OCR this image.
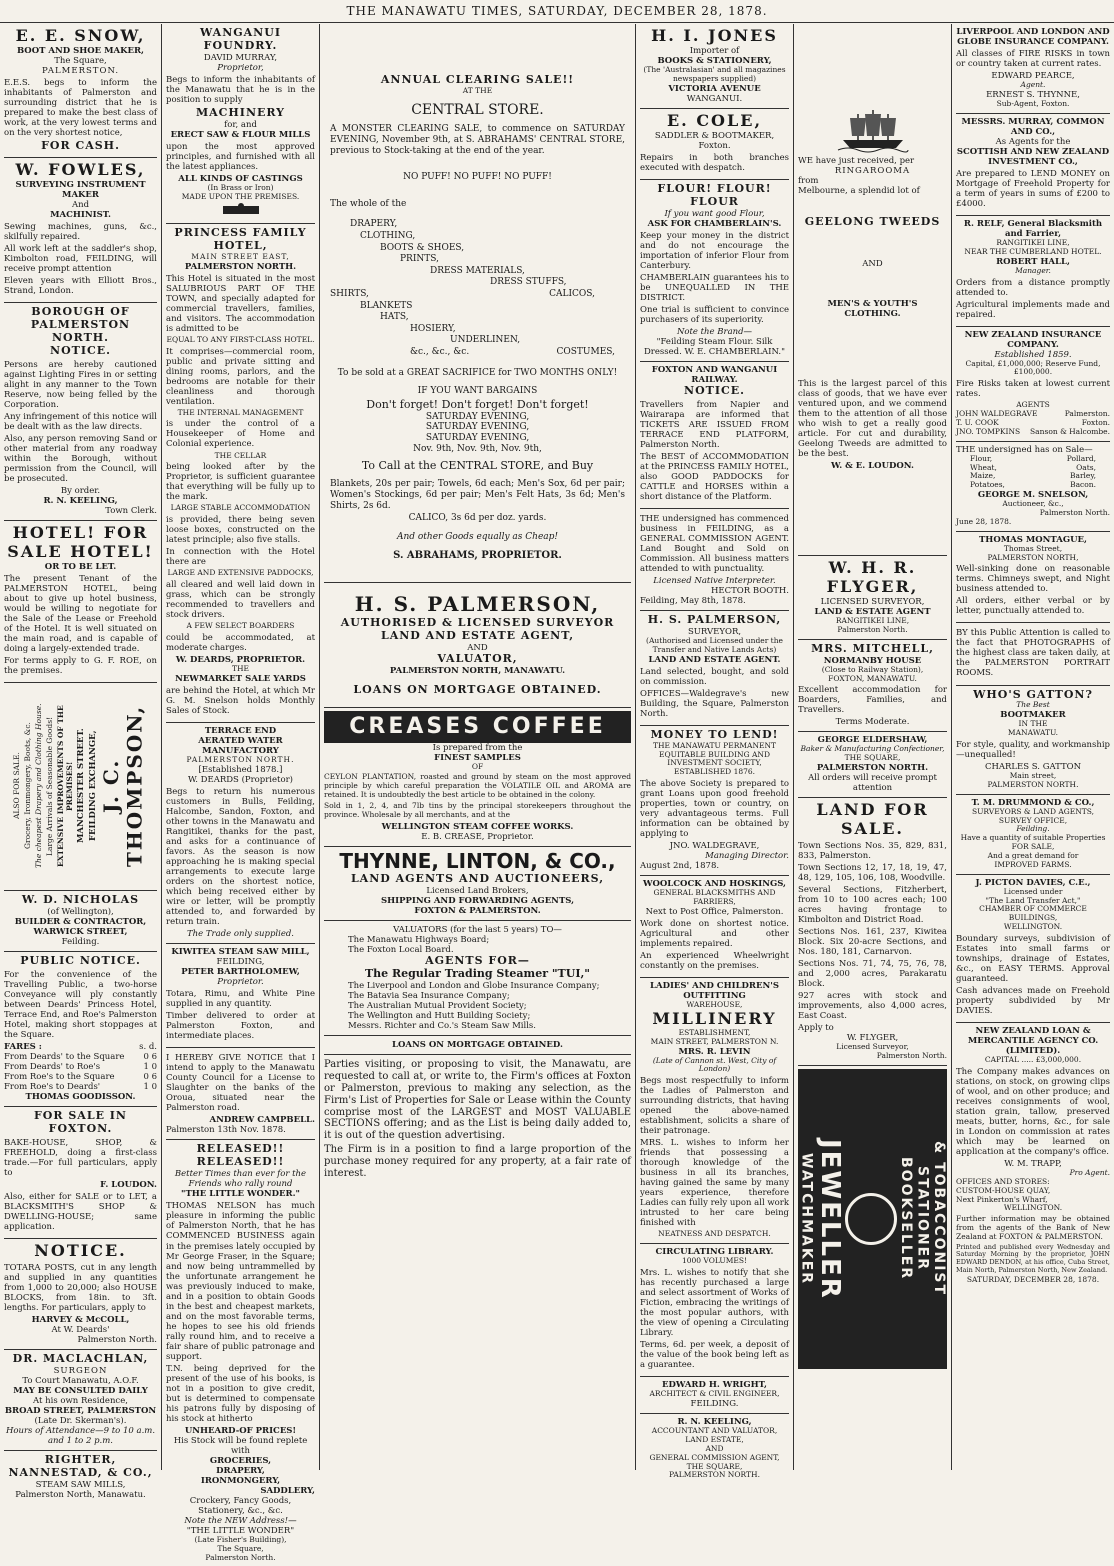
THE MANAWATU TIMES, SATURDAY, DECEMBER 28, 1878.
E. E. SNOW,
BOOT AND SHOE MAKER,
The Square,
PALMERSTON.

E.E.S. begs to inform the inhabitants of Palmerston and surrounding district that he is prepared to make the best class of work, at the very lowest terms and on the very shortest notice,

FOR CASH.
W. FOWLES,
SURVEYING INSTRUMENT MAKER
And
MACHINIST.

Sewing machines, guns, &c., skilfully repaired.

All work left at the saddler's shop, Kimbolton road, FEILDING, will receive prompt attention

Eleven years with Elliott Bros., Strand, London.

BOROUGH OF PALMERSTON NORTH.
NOTICE.

Persons are hereby cautioned against Lighting Fires in or setting alight in any manner to the Town Reserve, now being felled by the Corporation.

Any infringement of this notice will be dealt with as the law directs.

Also, any person removing Sand or other material from any roadway within the Borough, without permission from the Council, will be prosecuted.

By order.
R. N. KEELING,
Town Clerk.
HOTEL! FOR SALE HOTEL!
OR TO BE LET.

The present Tenant of the PALMERSTON HOTEL, being about to give up hotel business, would be willing to negotiate for the Sale of the Lease or Freehold of the Hotel. It is well situated on the main road, and is capable of doing a largely-extended trade.

For terms apply to G. F. ROE, on the premises.

ALSO FOR SALE. Grocery, Ironmongery, Boots, &c. The cheapest Drapery and Clothing House. Large Arrivals of Seasonable Goods! EXTENSIVE IMPROVEMENTS OF THE PREMISES! MANCHESTER STREET. FEILDING EXCHANGE, J. C. THOMPSON,
W. D. NICHOLAS
(of Wellington),
BUILDER & CONTRACTOR,
WARWICK STREET,
Feilding.
PUBLIC NOTICE.

For the convenience of the Travelling Public, a two-horse Conveyance will ply constantly between Deards' Princess Hotel, Terrace End, and Roe's Palmerston Hotel, making short stoppages at the Square.

FARES :	s. d.
From Deards' to the Square 0 6
From Deards' to Roe's	1 0
From Roe's to the Square	0 6
From Roe's to Deards'	1 0
THOMAS GOODISSON.
FOR SALE IN FOXTON.

BAKE-HOUSE, SHOP, & FREEHOLD, doing a first-class trade.—For full particulars, apply to

F. LOUDON.

Also, either for SALE or to LET, a BLACKSMITH'S SHOP & DWELLING-HOUSE; same application.

NOTICE.

TOTARA POSTS, cut in any length and supplied in any quantities from 1,000 to 20,000; also HOUSE BLOCKS, from 18in. to 3ft. lengths. For particulars, apply to

HARVEY & McCOLL,
At W. Deards'
Palmerston North.
DR. MACLACHLAN,
SURGEON
To Court Manawatu, A.O.F.
MAY BE CONSULTED DAILY
At his own Residence,
BROAD STREET, PALMERSTON
(Late Dr. Skerman's).
Hours of Attendance—9 to 10 a.m. and 1 to 2 p.m.
RIGHTER, NANNESTAD, & CO.,
STEAM SAW MILLS,
Palmerston North, Manawatu.
WANGANUI FOUNDRY.
DAVID MURRAY,
Proprietor,

Begs to inform the inhabitants of the Manawatu that he is in the position to supply

MACHINERY
for, and
ERECT SAW & FLOUR MILLS

upon the most approved principles, and furnished with all the latest appliances.

ALL KINDS OF CASTINGS
(In Brass or Iron)
MADE UPON THE PREMISES.
PRINCESS FAMILY HOTEL,
MAIN STREET EAST,
PALMERSTON NORTH.

This Hotel is situated in the most SALUBRIOUS PART OF THE TOWN, and specially adapted for commercial travellers, families, and visitors. The accommodation is admitted to be

EQUAL TO ANY FIRST-CLASS HOTEL.

It comprises—commercial room, public and private sitting and dining rooms, parlors, and the bedrooms are notable for their cleanliness and thorough ventilation.

THE INTERNAL MANAGEMENT

is under the control of a Housekeeper of Home and Colonial experience.

THE CELLAR

being looked after by the Proprietor, is sufficient guarantee that everything will be fully up to the mark.

LARGE STABLE ACCOMMODATION

is provided, there being seven loose boxes, constructed on the latest principle; also five stalls.

In connection with the Hotel there are

LARGE AND EXTENSIVE PADDOCKS,

all cleared and well laid down in grass, which can be strongly recommended to travellers and stock drivers.

A FEW SELECT BOARDERS

could be accommodated, at moderate charges.

W. DEARDS, PROPRIETOR.
THE
NEWMARKET SALE YARDS

are behind the Hotel, at which Mr G. M. Snelson holds Monthly Sales of Stock.

TERRACE END
AERATED WATER MANUFACTORY
PALMERSTON NORTH.
[Established 1878.]
W. DEARDS (Proprietor)

Begs to return his numerous customers in Bulls, Feilding, Halcombe, Sandon, Foxton, and other towns in the Manawatu and Rangitikei, thanks for the past, and asks for a continuance of favors. As the season is now approaching he is making special arrangements to execute large orders on the shortest notice, which being received either by wire or letter, will be promptly attended to, and forwarded by return train.

The Trade only supplied.
KIWITEA STEAM SAW MILL,
FEILDING,
PETER BARTHOLOMEW,
Proprietor.

Totara, Rimu, and White Pine supplied in any quantity.

Timber delivered to order at Palmerston Foxton, and intermediate places.

I HEREBY GIVE NOTICE that I intend to apply to the Manawatu County Council for a License to Slaughter on the banks of the Oroua, situated near the Palmerston road.

ANDREW CAMPBELL.
Palmerston 13th Nov. 1878.
RELEASED!! RELEASED!!
Better Times than ever for the Friends who rally round
"THE LITTLE WONDER."

THOMAS NELSON has much pleasure in informing the public of Palmerston North, that he has COMMENCED BUSINESS again in the premises lately occupied by Mr George Fraser, in the Square; and now being untrammelled by the unfortunate arrangement he was previously induced to make, and in a position to obtain Goods in the best and cheapest markets, and on the most favorable terms, he hopes to see his old friends rally round him, and to receive a fair share of public patronage and support.

T.N. being deprived for the present of the use of his books, is not in a position to give credit, but is determined to compensate his patrons fully by disposing of his stock at hitherto

UNHEARD-OF PRICES!
His Stock will be found replete with
GROCERIES,
DRAPERY,
IRONMONGERY,
SADDLERY,
Crockery, Fancy Goods, Stationery, &c., &c.
Note the NEW Address!—
"THE LITTLE WONDER"
(Late Fisher's Building),
The Square,
Palmerston North.
ANNUAL CLEARING SALE!!
AT THE
CENTRAL STORE.

A MONSTER CLEARING SALE, to commence on SATURDAY EVENING, November 9th, at S. ABRAHAMS' CENTRAL STORE, previous to Stock-taking at the end of the year.

NO PUFF! NO PUFF! NO PUFF!
The whole of the

DRAPERY,

CLOTHING,

BOOTS & SHOES,

PRINTS,

DRESS MATERIALS,

DRESS STUFFS,

SHIRTS,	CALICOS,

BLANKETS

HATS,

HOSIERY,

UNDERLINEN,

&c., &c., &c.	COSTUMES,
To be sold at a GREAT SACRIFICE for TWO MONTHS ONLY!
IF YOU WANT BARGAINS
Don't forget! Don't forget! Don't forget!
SATURDAY EVENING,
SATURDAY EVENING,
SATURDAY EVENING,
Nov. 9th, Nov. 9th, Nov. 9th,
To Call at the CENTRAL STORE, and Buy

Blankets, 20s per pair; Towels, 6d each; Men's Sox, 6d per pair; Women's Stockings, 6d per pair; Men's Felt Hats, 3s 6d; Men's Shirts, 2s 6d.

CALICO, 3s 6d per doz. yards.
And other Goods equally as Cheap!
S. ABRAHAMS, PROPRIETOR.
H. S. PALMERSON,
AUTHORISED & LICENSED SURVEYOR
LAND AND ESTATE AGENT,
AND
VALUATOR,
PALMERSTON NORTH, MANAWATU.
LOANS ON MORTGAGE OBTAINED.
CREASES COFFEE
Is prepared from the
FINEST SAMPLES
OF

CEYLON PLANTATION, roasted and ground by steam on the most approved principle by which careful preparation the VOLATILE OIL and AROMA are retained. It is undoubtedly the best article to be obtained in the colony.

Sold in 1, 2, 4, and 7lb tins by the principal storekeepers throughout the province. Wholesale by all merchants, and at the

WELLINGTON STEAM COFFEE WORKS.
E. B. CREASE, Proprietor.
THYNNE, LINTON, & CO.,
LAND AGENTS AND AUCTIONEERS,
Licensed Land Brokers,
SHIPPING AND FORWARDING AGENTS,
FOXTON & PALMERSTON.
VALUATORS (for the last 5 years) TO—
The Manawatu Highways Board;
The Foxton Local Board.
AGENTS FOR—
The Regular Trading Steamer "TUI,"
The Liverpool and London and Globe Insurance Company;
The Batavia Sea Insurance Company;
The Australian Mutual Provident Society;
The Wellington and Hutt Building Society;
Messrs. Richter and Co.'s Steam Saw Mills.
LOANS ON MORTGAGE OBTAINED.

Parties visiting, or proposing to visit, the Manawatu, are requested to call at, or write to, the Firm's offices at Foxton or Palmerston, previous to making any selection, as the Firm's List of Properties for Sale or Lease within the County comprise most of the LARGEST and MOST VALUABLE SECTIONS offering; and as the List is being daily added to, it is out of the question advertising.

The Firm is in a position to find a large proportion of the purchase money required for any property, at a fair rate of interest.

H. I. JONES
Importer of
BOOKS & STATIONERY,
(The 'Australasian' and all magazines newspapers supplied)
VICTORIA AVENUE
WANGANUI.
E. COLE,
SADDLER & BOOTMAKER,
Foxton.

Repairs in both branches executed with despatch.

FLOUR! FLOUR! FLOUR
If you want good Flour,
ASK FOR CHAMBERLAIN'S.

Keep your money in the district and do not encourage the importation of inferior Flour from Canterbury.

CHAMBERLAIN guarantees his to be UNEQUALLED IN THE DISTRICT.

One trial is sufficient to convince purchasers of its superiority.

Note the Brand—
"Feilding Steam Flour. Silk Dressed. W. E. CHAMBERLAIN."
FOXTON AND WANGANUI RAILWAY.
NOTICE.

Travellers from Napier and Wairarapa are informed that TICKETS ARE ISSUED FROM TERRACE END PLATFORM, Palmerston North.

The BEST of ACCOMMODATION at the PRINCESS FAMILY HOTEL, also GOOD PADDOCKS for CATTLE and HORSES within a short distance of the Platform.

THE undersigned has commenced business in FEILDING, as a GENERAL COMMISSION AGENT. Land Bought and Sold on Commission. All business matters attended to with punctuality.

Licensed Native Interpreter.
HECTOR BOOTH.
Feilding, May 8th, 1878.
H. S. PALMERSON,
SURVEYOR,
(Authorised and Licensed under the Transfer and Native Lands Acts)
LAND AND ESTATE AGENT.

Land selected, bought, and sold on commission.

OFFICES—Waldegrave's new Building, the Square, Palmerston North.

MONEY TO LEND!
THE MANAWATU PERMANENT EQUITABLE BUILDING AND INVESTMENT SOCIETY,
ESTABLISHED 1876.

The above Society is prepared to grant Loans upon good freehold properties, town or country, on very advantageous terms. Full information can be obtained by applying to

JNO. WALDEGRAVE,
Managing Director.
August 2nd, 1878.
WOOLCOCK AND HOSKINGS,
GENERAL BLACKSMITHS AND FARRIERS,
Next to Post Office, Palmerston.

Work done on shortest notice. Agricultural and other implements repaired.

An experienced Wheelwright constantly on the premises.

LADIES' AND CHILDREN'S
OUTFITTING
WAREHOUSE,
MILLINERY
ESTABLISHMENT,
MAIN STREET, PALMERSTON N.
MRS. R. LEVIN
(Late of Cannon st. West, City of London)

Begs most respectfully to inform the Ladies of Palmerston and surrounding districts, that having opened the above-named establishment, solicits a share of their patronage.

MRS. L. wishes to inform her friends that possessing a thorough knowledge of the business in all its branches, having gained the same by many years experience, therefore Ladies can fully rely upon all work intrusted to her care being finished with

NEATNESS AND DESPATCH.
CIRCULATING LIBRARY.
1000 VOLUMES!

Mrs. L. wishes to notify that she has recently purchased a large and select assortment of Works of Fiction, embracing the writings of the most popular authors, with the view of opening a Circulating Library.

Terms, 6d. per week, a deposit of the value of the book being left as a guarantee.

EDWARD H. WRIGHT,
ARCHITECT & CIVIL ENGINEER,
FEILDING.
R. N. KEELING,
ACCOUNTANT AND VALUATOR,
LAND ESTATE,
AND
GENERAL COMMISSION AGENT,
THE SQUARE,
PALMERSTON NORTH.
WE have just received, per
RINGAROOMA
from
Melbourne, a splendid lot of
GEELONG TWEEDS
AND
MEN'S & YOUTH'S CLOTHING.

This is the largest parcel of this class of goods, that we have ever ventured upon, and we commend them to the attention of all those who wish to get a really good article. For cut and durability, Geelong Tweeds are admitted to be the best.

W. & E. LOUDON.
W. H. R. FLYGER,
LICENSED SURVEYOR,
LAND & ESTATE AGENT
RANGITIKEI LINE,
Palmerston North.
MRS. MITCHELL,
NORMANBY HOUSE
(Close to Railway Station),
FOXTON, MANAWATU.

Excellent accommodation for Boarders, Families, and Travellers.

Terms Moderate.
GEORGE ELDERSHAW,
Baker & Manufacturing Confectioner,
THE SQUARE,
PALMERSTON NORTH.
All orders will receive prompt attention
LAND FOR SALE.

Town Sections Nos. 35, 829, 831, 833, Palmerston.

Town Sections 12, 17, 18, 19, 47, 48, 129, 105, 106, 108, Woodville.

Several Sections, Fitzherbert, from 10 to 100 acres each; 100 acres having frontage to Kimbolton and District Road.

Sections Nos. 161, 237, Kiwitea Block. Six 20-acre Sections, and Nos. 180, 181, Carnarvon.

Sections Nos. 71, 74, 75, 76, 78, and 2,000 acres, Parakaratu Block.

927 acres with stock and improvements, also 4,000 acres, East Coast.

Apply to
W. FLYGER,
Licensed Surveyor,
Palmerston North.
WATCHMAKER JEWELLER	BOOKSELLER STATIONER & TOBACCONIST
LIVERPOOL AND LONDON AND GLOBE INSURANCE COMPANY.

All classes of FIRE RISKS in town or country taken at current rates.

EDWARD PEARCE,
Agent.
ERNEST S. THYNNE,
Sub-Agent, Foxton.
MESSRS. MURRAY, COMMON AND CO.,
As Agents for the
SCOTTISH AND NEW ZEALAND INVESTMENT CO.,

Are prepared to LEND MONEY on Mortgage of Freehold Property for a term of years in sums of £200 to £4000.

R. RELF, General Blacksmith and Farrier,
RANGITIKEI LINE,
NEAR THE CUMBERLAND HOTEL.
ROBERT HALL,
Manager.

Orders from a distance promptly attended to.

Agricultural implements made and repaired.

NEW ZEALAND INSURANCE COMPANY.
Established 1859.
Capital, £1,000,000; Reserve Fund, £100,000.

Fire Risks taken at lowest current rates.

AGENTS
JOHN WALDEGRAVE	Palmerston.
T. U. COOK	Foxton.
JNO. TOMPKINS Sanson & Halcombe.
THE undersigned has on Sale—
Flour,	Pollard,
Wheat,	Oats,
Maize,	Barley,
Potatoes,	Bacon.
GEORGE M. SNELSON,
Auctioneer, &c.,
Palmerston North.
June 28, 1878.
THOMAS MONTAGUE,
Thomas Street,
PALMERSTON NORTH,

Well-sinking done on reasonable terms. Chimneys swept, and Night business attended to.

All orders, either verbal or by letter, punctually attended to.

BY this Public Attention is called to the fact that PHOTOGRAPHS of the highest class are taken daily, at the PALMERSTON PORTRAIT ROOMS.

WHO'S GATTON?
The Best
BOOTMAKER
IN THE
MANAWATU.

For style, quality, and workmanship—unequalled!

CHARLES S. GATTON
Main street,
PALMERSTON NORTH.
T. M. DRUMMOND & CO.,
SURVEYORS & LAND AGENTS,
SURVEY OFFICE,
Feilding.
Have a quantity of suitable Properties
FOR SALE,
And a great demand for
IMPROVED FARMS.
J. PICTON DAVIES, C.E.,
Licensed under
"The Land Transfer Act,"
CHAMBER OF COMMERCE BUILDINGS,
WELLINGTON.

Boundary surveys, subdivision of Estates into small farms or townships, drainage of Estates, &c., on EASY TERMS. Approval guaranteed.

Cash advances made on Freehold property subdivided by Mr DAVIES.

NEW ZEALAND LOAN & MERCANTILE AGENCY CO. (LIMITED).
CAPITAL ..... £3,000,000.

The Company makes advances on stations, on stock, on growing clips of wool, and on other produce; and receives consignments of wool, station grain, tallow, preserved meats, butter, horns, &c., for sale in London on commission at rates which may be learned on application at the company's office.

W. M. TRAPP,
Pro Agent.
OFFICES AND STORES:
CUSTOM-HOUSE QUAY,
Next Pinkerton's Wharf,
WELLINGTON.

Further information may be obtained from the agents of the Bank of New Zealand at FOXTON & PALMERSTON.

Printed and published every Wednesday and Saturday Morning by the proprietor, JOHN EDWARD DENDON, at his office, Cuba Street, Main North, Palmerston North, New Zealand.

SATURDAY, DECEMBER 28, 1878.
